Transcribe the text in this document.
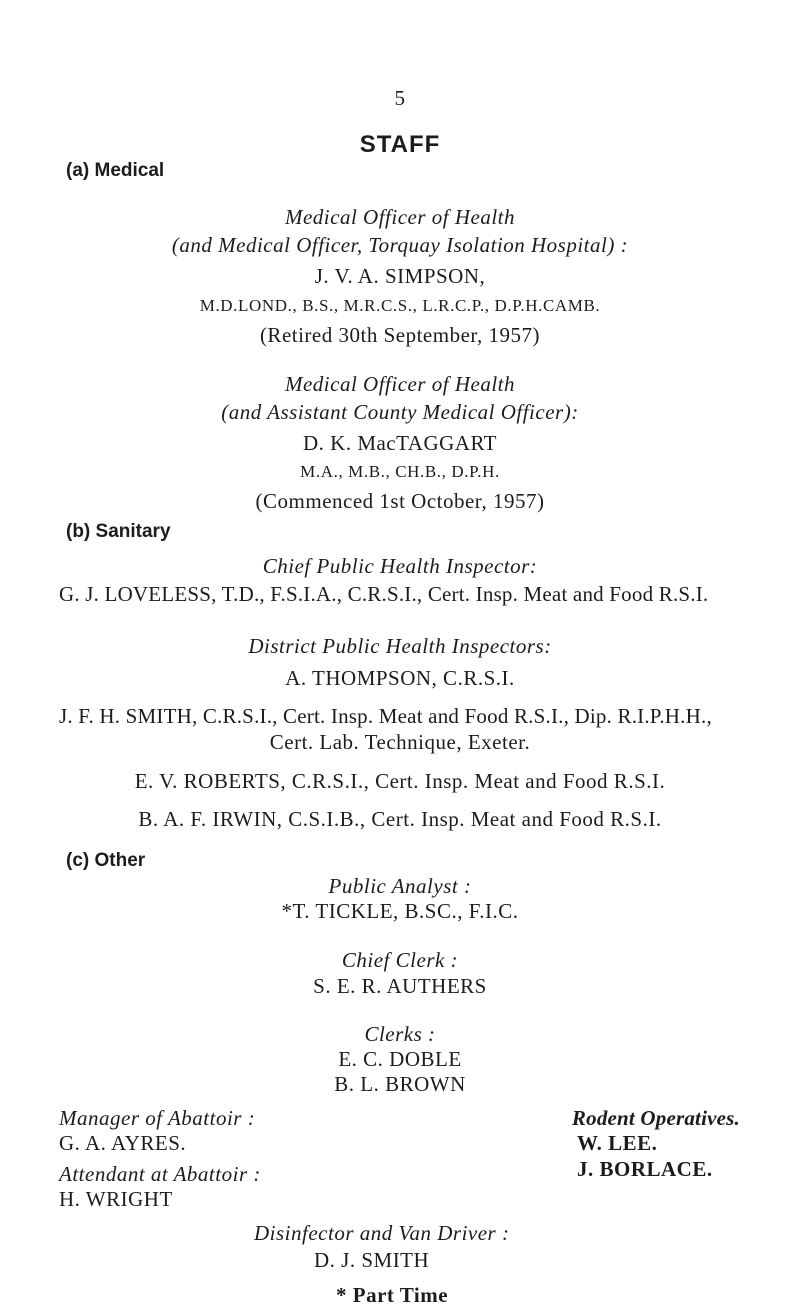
5
STAFF
(a) Medical
Medical Officer of Health
(and Medical Officer, Torquay Isolation Hospital) :
J. V. A. SIMPSON,
M.D.LOND., B.S., M.R.C.S., L.R.C.P., D.P.H.CAMB.
(Retired 30th September, 1957)
Medical Officer of Health
(and Assistant County Medical Officer):
D. K. MacTAGGART
M.A., M.B., CH.B., D.P.H.
(Commenced 1st October, 1957)
(b) Sanitary
Chief Public Health Inspector:
G. J. LOVELESS, T.D., F.S.I.A., C.R.S.I., Cert. Insp. Meat and Food R.S.I.
District Public Health Inspectors:
A. THOMPSON, C.R.S.I.
J. F. H. SMITH, C.R.S.I., Cert. Insp. Meat and Food R.S.I., Dip. R.I.P.H.H.,
Cert. Lab. Technique, Exeter.
E. V. ROBERTS, C.R.S.I., Cert. Insp. Meat and Food R.S.I.
B. A. F. IRWIN, C.S.I.B., Cert. Insp. Meat and Food R.S.I.
(c) Other
Public Analyst :
*T. TICKLE, B.SC., F.I.C.
Chief Clerk :
S. E. R. AUTHERS
Clerks :
E. C. DOBLE
B. L. BROWN
Manager of Abattoir :
G. A. AYRES.
Attendant at Abattoir :
H. WRIGHT
Rodent Operatives.
W. LEE.
J. BORLACE.
Disinfector and Van Driver :
D. J. SMITH
* Part Time
